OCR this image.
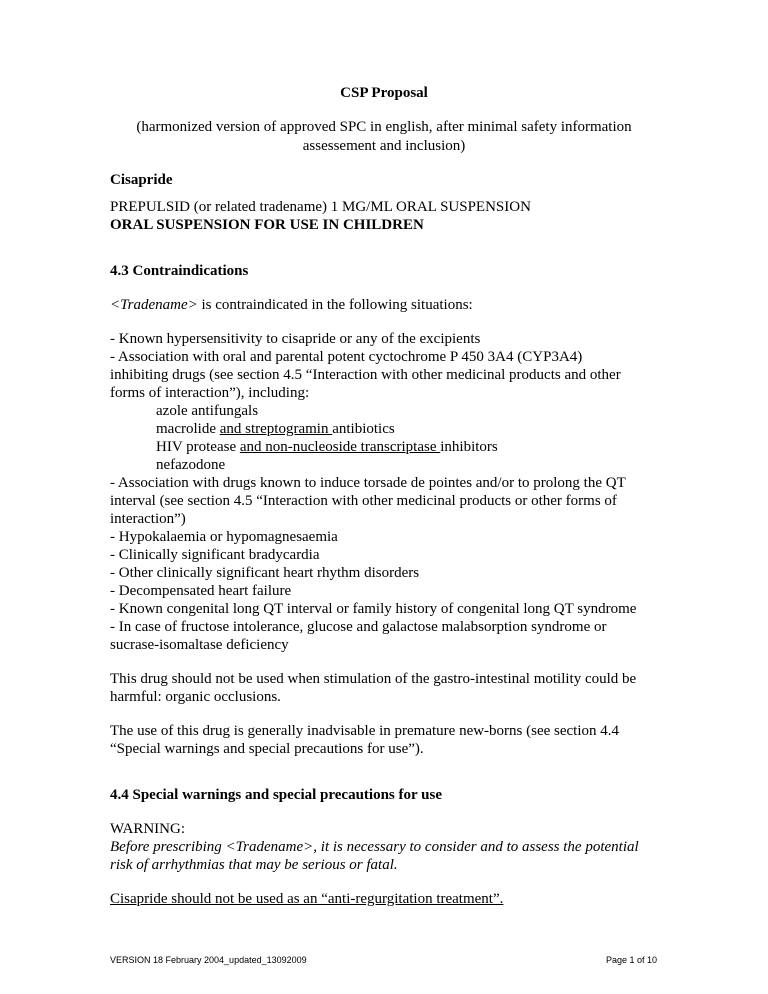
CSP Proposal
(harmonized version of approved SPC in english, after minimal safety information
assessement and inclusion)
Cisapride
PREPULSID (or related tradename) 1 MG/ML ORAL SUSPENSION
ORAL SUSPENSION FOR USE IN CHILDREN
4.3 Contraindications
<Tradename> is contraindicated in the following situations:
- Known hypersensitivity to cisapride or any of the excipients
- Association with oral and parental potent cyctochrome P 450 3A4 (CYP3A4)
inhibiting drugs (see section 4.5 “Interaction with other medicinal products and other
forms of interaction”), including:
azole antifungals
macrolide and streptogramin antibiotics
HIV protease and non-nucleoside transcriptase inhibitors
nefazodone
- Association with drugs known to induce torsade de pointes and/or to prolong the QT
interval (see section 4.5 “Interaction with other medicinal products or other forms of
interaction”)
- Hypokalaemia or hypomagnesaemia
- Clinically significant bradycardia
- Other clinically significant heart rhythm disorders
- Decompensated heart failure
- Known congenital long QT interval or family history of congenital long QT syndrome
- In case of fructose intolerance, glucose and galactose malabsorption syndrome or
sucrase-isomaltase deficiency
This drug should not be used when stimulation of the gastro-intestinal motility could be
harmful: organic occlusions.
The use of this drug is generally inadvisable in premature new-borns (see section 4.4
“Special warnings and special precautions for use”).
4.4 Special warnings and special precautions for use
WARNING:
Before prescribing <Tradename>, it is necessary to consider and to assess the potential
risk of arrhythmias that may be serious or fatal.
Cisapride should not be used as an “anti-regurgitation treatment”.
VERSION 18 February 2004_updated_13092009	Page 1 of 10
